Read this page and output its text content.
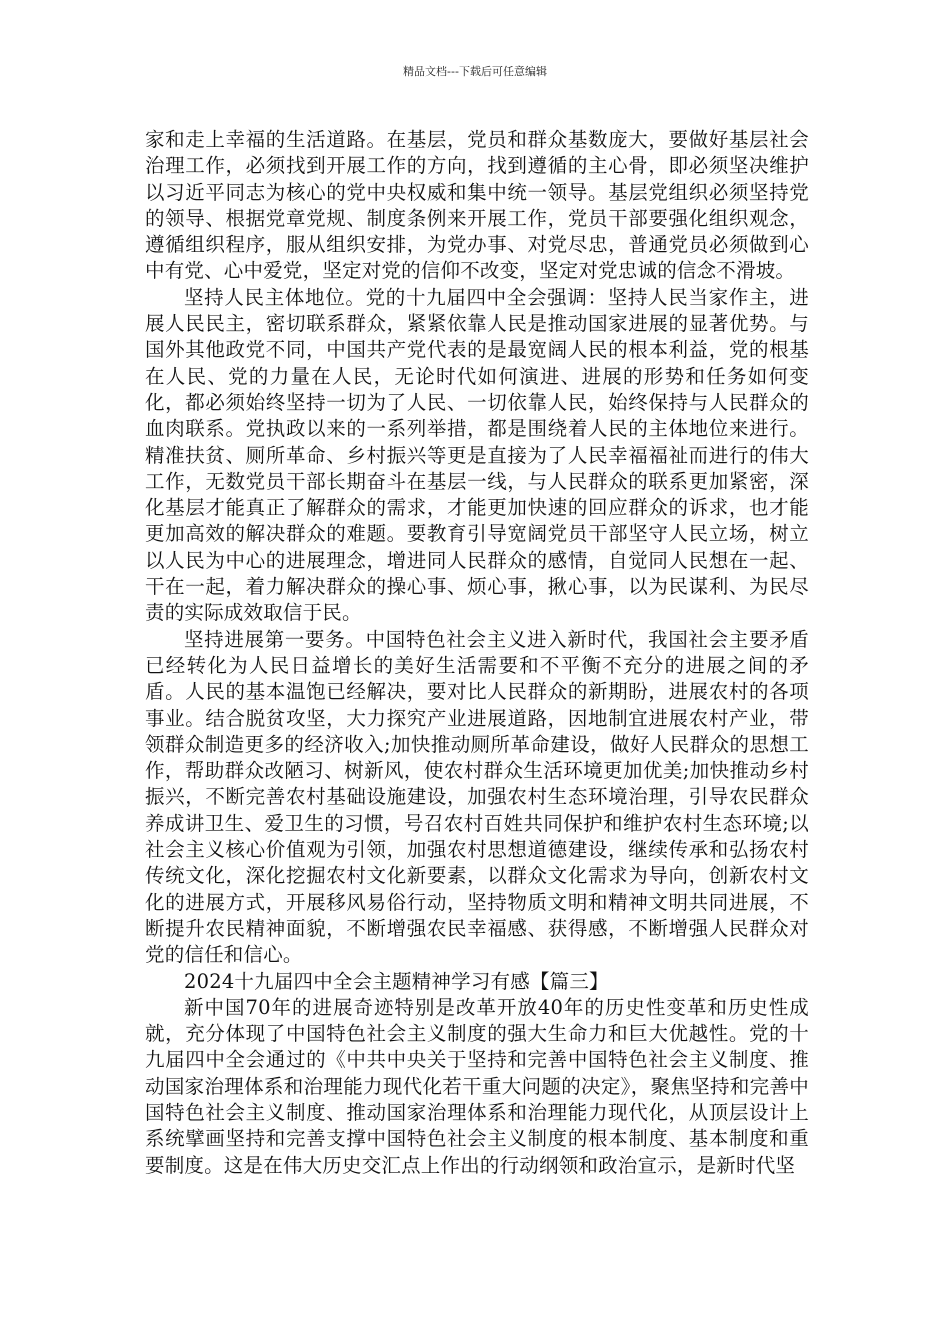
精品文档---下载后可任意编辑

家和走上幸福的生活道路。在基层，党员和群众基数庞大，要做好基层社会治理工作，必须找到开展工作的方向，找到遵循的主心骨，即必须坚决维护以习近平同志为核心的党中央权威和集中统一领导。基层党组织必须坚持党的领导、根据党章党规、制度条例来开展工作，党员干部要强化组织观念，遵循组织程序，服从组织安排，为党办事、对党尽忠，普通党员必须做到心中有党、心中爱党，坚定对党的信仰不改变，坚定对党忠诚的信念不滑坡。

坚持人民主体地位。党的十九届四中全会强调：坚持人民当家作主，进展人民民主，密切联系群众，紧紧依靠人民是推动国家进展的显著优势。与国外其他政党不同，中国共产党代表的是最宽阔人民的根本利益，党的根基在人民、党的力量在人民，无论时代如何演进、进展的形势和任务如何变化，都必须始终坚持一切为了人民、一切依靠人民，始终保持与人民群众的血肉联系。党执政以来的一系列举措，都是围绕着人民的主体地位来进行。精准扶贫、厕所革命、乡村振兴等更是直接为了人民幸福福祉而进行的伟大工作，无数党员干部长期奋斗在基层一线，与人民群众的联系更加紧密，深化基层才能真正了解群众的需求，才能更加快速的回应群众的诉求，也才能更加高效的解决群众的难题。要教育引导宽阔党员干部坚守人民立场，树立以人民为中心的进展理念，增进同人民群众的感情，自觉同人民想在一起、干在一起，着力解决群众的操心事、烦心事，揪心事，以为民谋利、为民尽责的实际成效取信于民。

坚持进展第一要务。中国特色社会主义进入新时代，我国社会主要矛盾已经转化为人民日益增长的美好生活需要和不平衡不充分的进展之间的矛盾。人民的基本温饱已经解决，要对比人民群众的新期盼，进展农村的各项事业。结合脱贫攻坚，大力探究产业进展道路，因地制宜进展农村产业，带领群众制造更多的经济收入;加快推动厕所革命建设，做好人民群众的思想工作，帮助群众改陋习、树新风，使农村群众生活环境更加优美;加快推动乡村振兴，不断完善农村基础设施建设，加强农村生态环境治理，引导农民群众养成讲卫生、爱卫生的习惯，号召农村百姓共同保护和维护农村生态环境;以社会主义核心价值观为引领，加强农村思想道德建设，继续传承和弘扬农村传统文化，深化挖掘农村文化新要素，以群众文化需求为导向，创新农村文化的进展方式，开展移风易俗行动，坚持物质文明和精神文明共同进展，不断提升农民精神面貌，不断增强农民幸福感、获得感，不断增强人民群众对党的信任和信心。

2024十九届四中全会主题精神学习有感【篇三】

新中国70年的进展奇迹特别是改革开放40年的历史性变革和历史性成就，充分体现了中国特色社会主义制度的强大生命力和巨大优越性。党的十九届四中全会通过的《中共中央关于坚持和完善中国特色社会主义制度、推动国家治理体系和治理能力现代化若干重大问题的决定》，聚焦坚持和完善中国特色社会主义制度、推动国家治理体系和治理能力现代化，从顶层设计上系统擘画坚持和完善支撑中国特色社会主义制度的根本制度、基本制度和重要制度。这是在伟大历史交汇点上作出的行动纲领和政治宣示，是新时代坚
